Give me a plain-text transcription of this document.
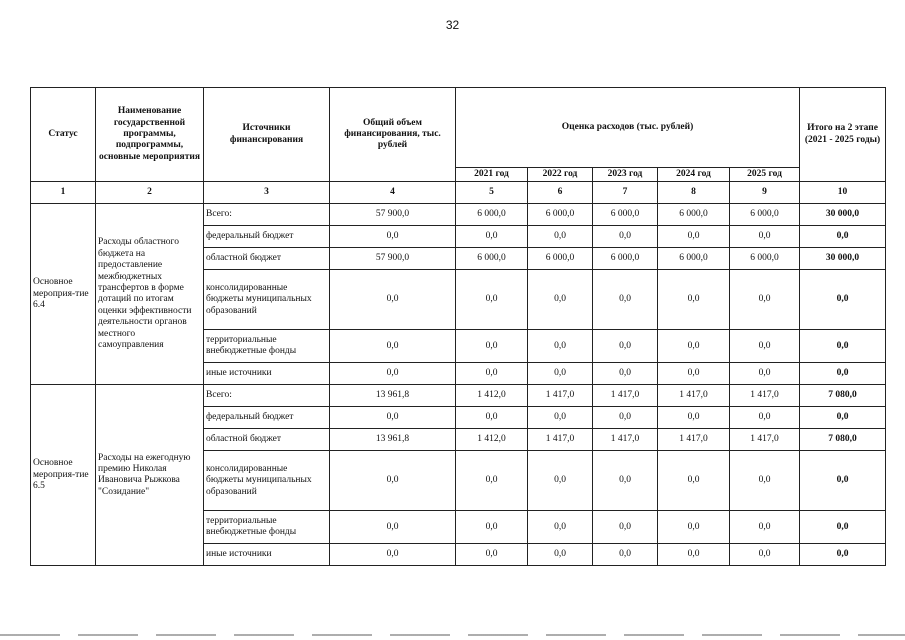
32
Статус	Наименование государственной программы, подпрограммы, основные мероприятия	Источники финансирования	Общий объем финансирования, тыс. рублей	Оценка расходов (тыс. рублей)					Итого на 2 этапе (2021 - 2025 годы)
				2021 год	2022 год	2023 год	2024 год	2025 год	
1	2	3	4	5	6	7	8	9	10
Основное мероприя-тие 6.4	Расходы областного бюджета на предоставление межбюджетных трансфертов в форме дотаций по итогам оценки эффективности деятельности органов местного самоуправления	Всего:	57 900,0	6 000,0	6 000,0	6 000,0	6 000,0	6 000,0	30 000,0
		федеральный бюджет	0,0	0,0	0,0	0,0	0,0	0,0	0,0
		областной бюджет	57 900,0	6 000,0	6 000,0	6 000,0	6 000,0	6 000,0	30 000,0
		консолидированные бюджеты муниципальных образований	0,0	0,0	0,0	0,0	0,0	0,0	0,0
		территориальные внебюджетные фонды	0,0	0,0	0,0	0,0	0,0	0,0	0,0
		иные источники	0,0	0,0	0,0	0,0	0,0	0,0	0,0
Основное мероприя-тие 6.5	Расходы на ежегодную премию Николая Ивановича Рыжкова "Созидание"	Всего:	13 961,8	1 412,0	1 417,0	1 417,0	1 417,0	1 417,0	7 080,0
		федеральный бюджет	0,0	0,0	0,0	0,0	0,0	0,0	0,0
		областной бюджет	13 961,8	1 412,0	1 417,0	1 417,0	1 417,0	1 417,0	7 080,0
		консолидированные бюджеты муниципальных образований	0,0	0,0	0,0	0,0	0,0	0,0	0,0
		территориальные внебюджетные фонды	0,0	0,0	0,0	0,0	0,0	0,0	0,0
		иные источники	0,0	0,0	0,0	0,0	0,0	0,0	0,0
